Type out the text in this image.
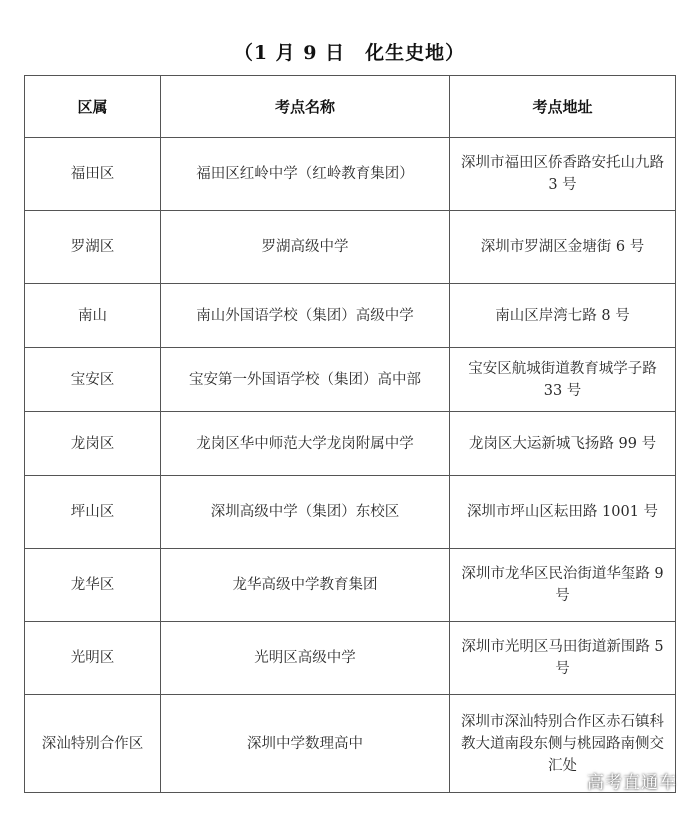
（1 月 9 日　化生史地）
区属	考点名称	考点地址
福田区	福田区红岭中学（红岭教育集团）	深圳市福田区侨香路安托山九路 3 号
罗湖区	罗湖高级中学	深圳市罗湖区金塘街 6 号
南山	南山外国语学校（集团）高级中学	南山区岸湾七路 8 号
宝安区	宝安第一外国语学校（集团）高中部	宝安区航城街道教育城学子路 33 号
龙岗区	龙岗区华中师范大学龙岗附属中学	龙岗区大运新城飞扬路 99 号
坪山区	深圳高级中学（集团）东校区	深圳市坪山区耘田路 1001 号
龙华区	龙华高级中学教育集团	深圳市龙华区民治街道华玺路 9 号
光明区	光明区高级中学	深圳市光明区马田街道新围路 5 号
深汕特别合作区	深圳中学数理高中	深圳市深汕特别合作区赤石镇科教大道南段东侧与桃园路南侧交汇处
高考直通车
